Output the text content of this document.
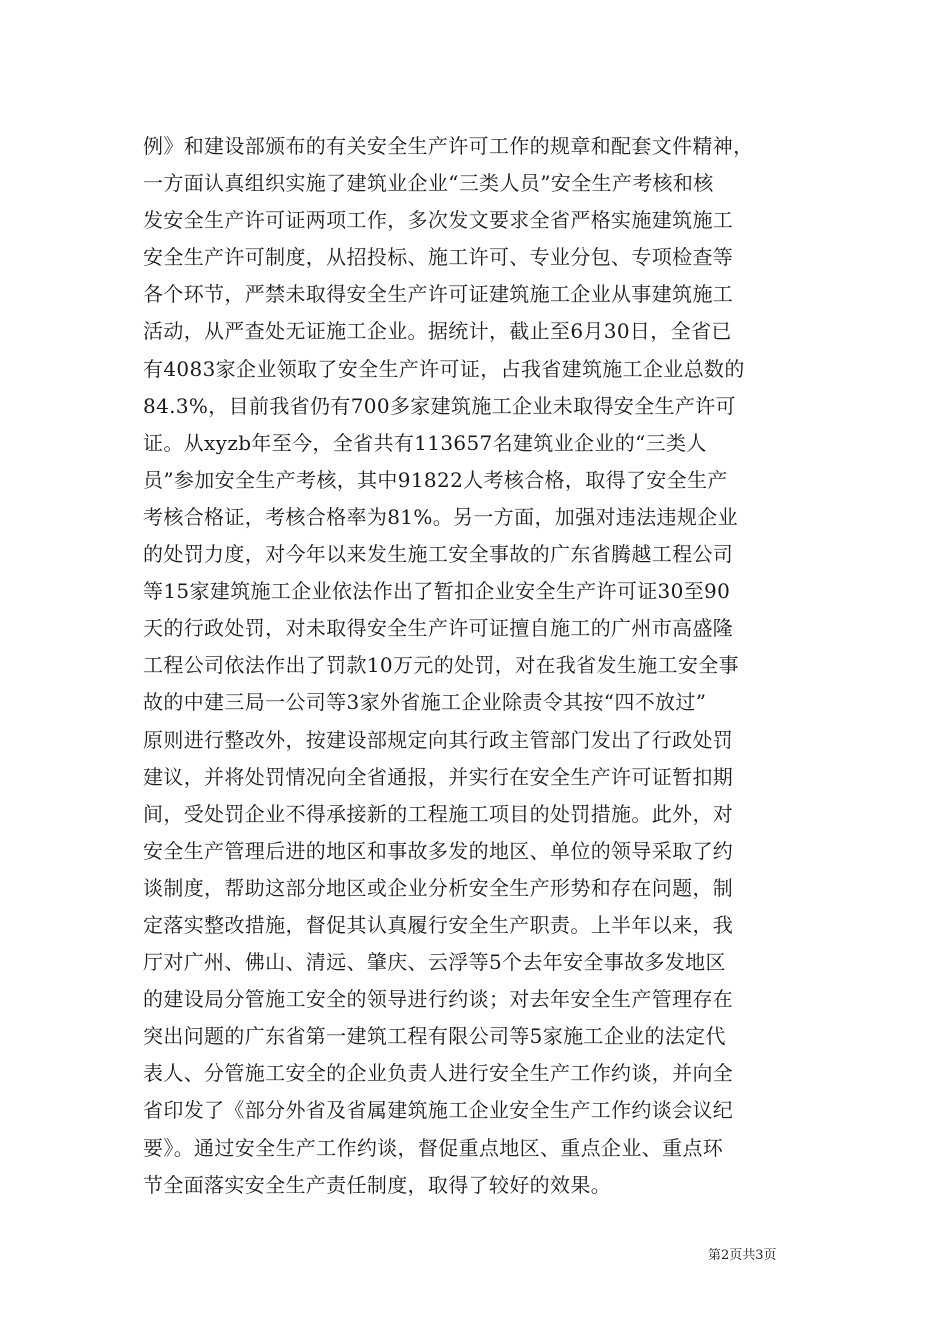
例》和建设部颁布的有关安全生产许可工作的规章和配套文件精神，
一方面认真组织实施了建筑业企业“三类人员”安全生产考核和核
发安全生产许可证两项工作，多次发文要求全省严格实施建筑施工
安全生产许可制度，从招投标、施工许可、专业分包、专项检查等
各个环节，严禁未取得安全生产许可证建筑施工企业从事建筑施工
活动，从严查处无证施工企业。据统计，截止至6月30日，全省已
有4083家企业领取了安全生产许可证，占我省建筑施工企业总数的
84.3%，目前我省仍有700多家建筑施工企业未取得安全生产许可
证。从xyzb年至今，全省共有113657名建筑业企业的“三类人
员”参加安全生产考核，其中91822人考核合格，取得了安全生产
考核合格证，考核合格率为81%。另一方面，加强对违法违规企业
的处罚力度，对今年以来发生施工安全事故的广东省腾越工程公司
等15家建筑施工企业依法作出了暂扣企业安全生产许可证30至90
天的行政处罚，对未取得安全生产许可证擅自施工的广州市高盛隆
工程公司依法作出了罚款10万元的处罚，对在我省发生施工安全事
故的中建三局一公司等3家外省施工企业除责令其按“四不放过”
原则进行整改外，按建设部规定向其行政主管部门发出了行政处罚
建议，并将处罚情况向全省通报，并实行在安全生产许可证暂扣期
间，受处罚企业不得承接新的工程施工项目的处罚措施。此外，对
安全生产管理后进的地区和事故多发的地区、单位的领导采取了约
谈制度，帮助这部分地区或企业分析安全生产形势和存在问题，制
定落实整改措施，督促其认真履行安全生产职责。上半年以来，我
厅对广州、佛山、清远、肇庆、云浮等5个去年安全事故多发地区
的建设局分管施工安全的领导进行约谈；对去年安全生产管理存在
突出问题的广东省第一建筑工程有限公司等5家施工企业的法定代
表人、分管施工安全的企业负责人进行安全生产工作约谈，并向全
省印发了《部分外省及省属建筑施工企业安全生产工作约谈会议纪
要》。通过安全生产工作约谈，督促重点地区、重点企业、重点环
节全面落实安全生产责任制度，取得了较好的效果。
第2页共3页
